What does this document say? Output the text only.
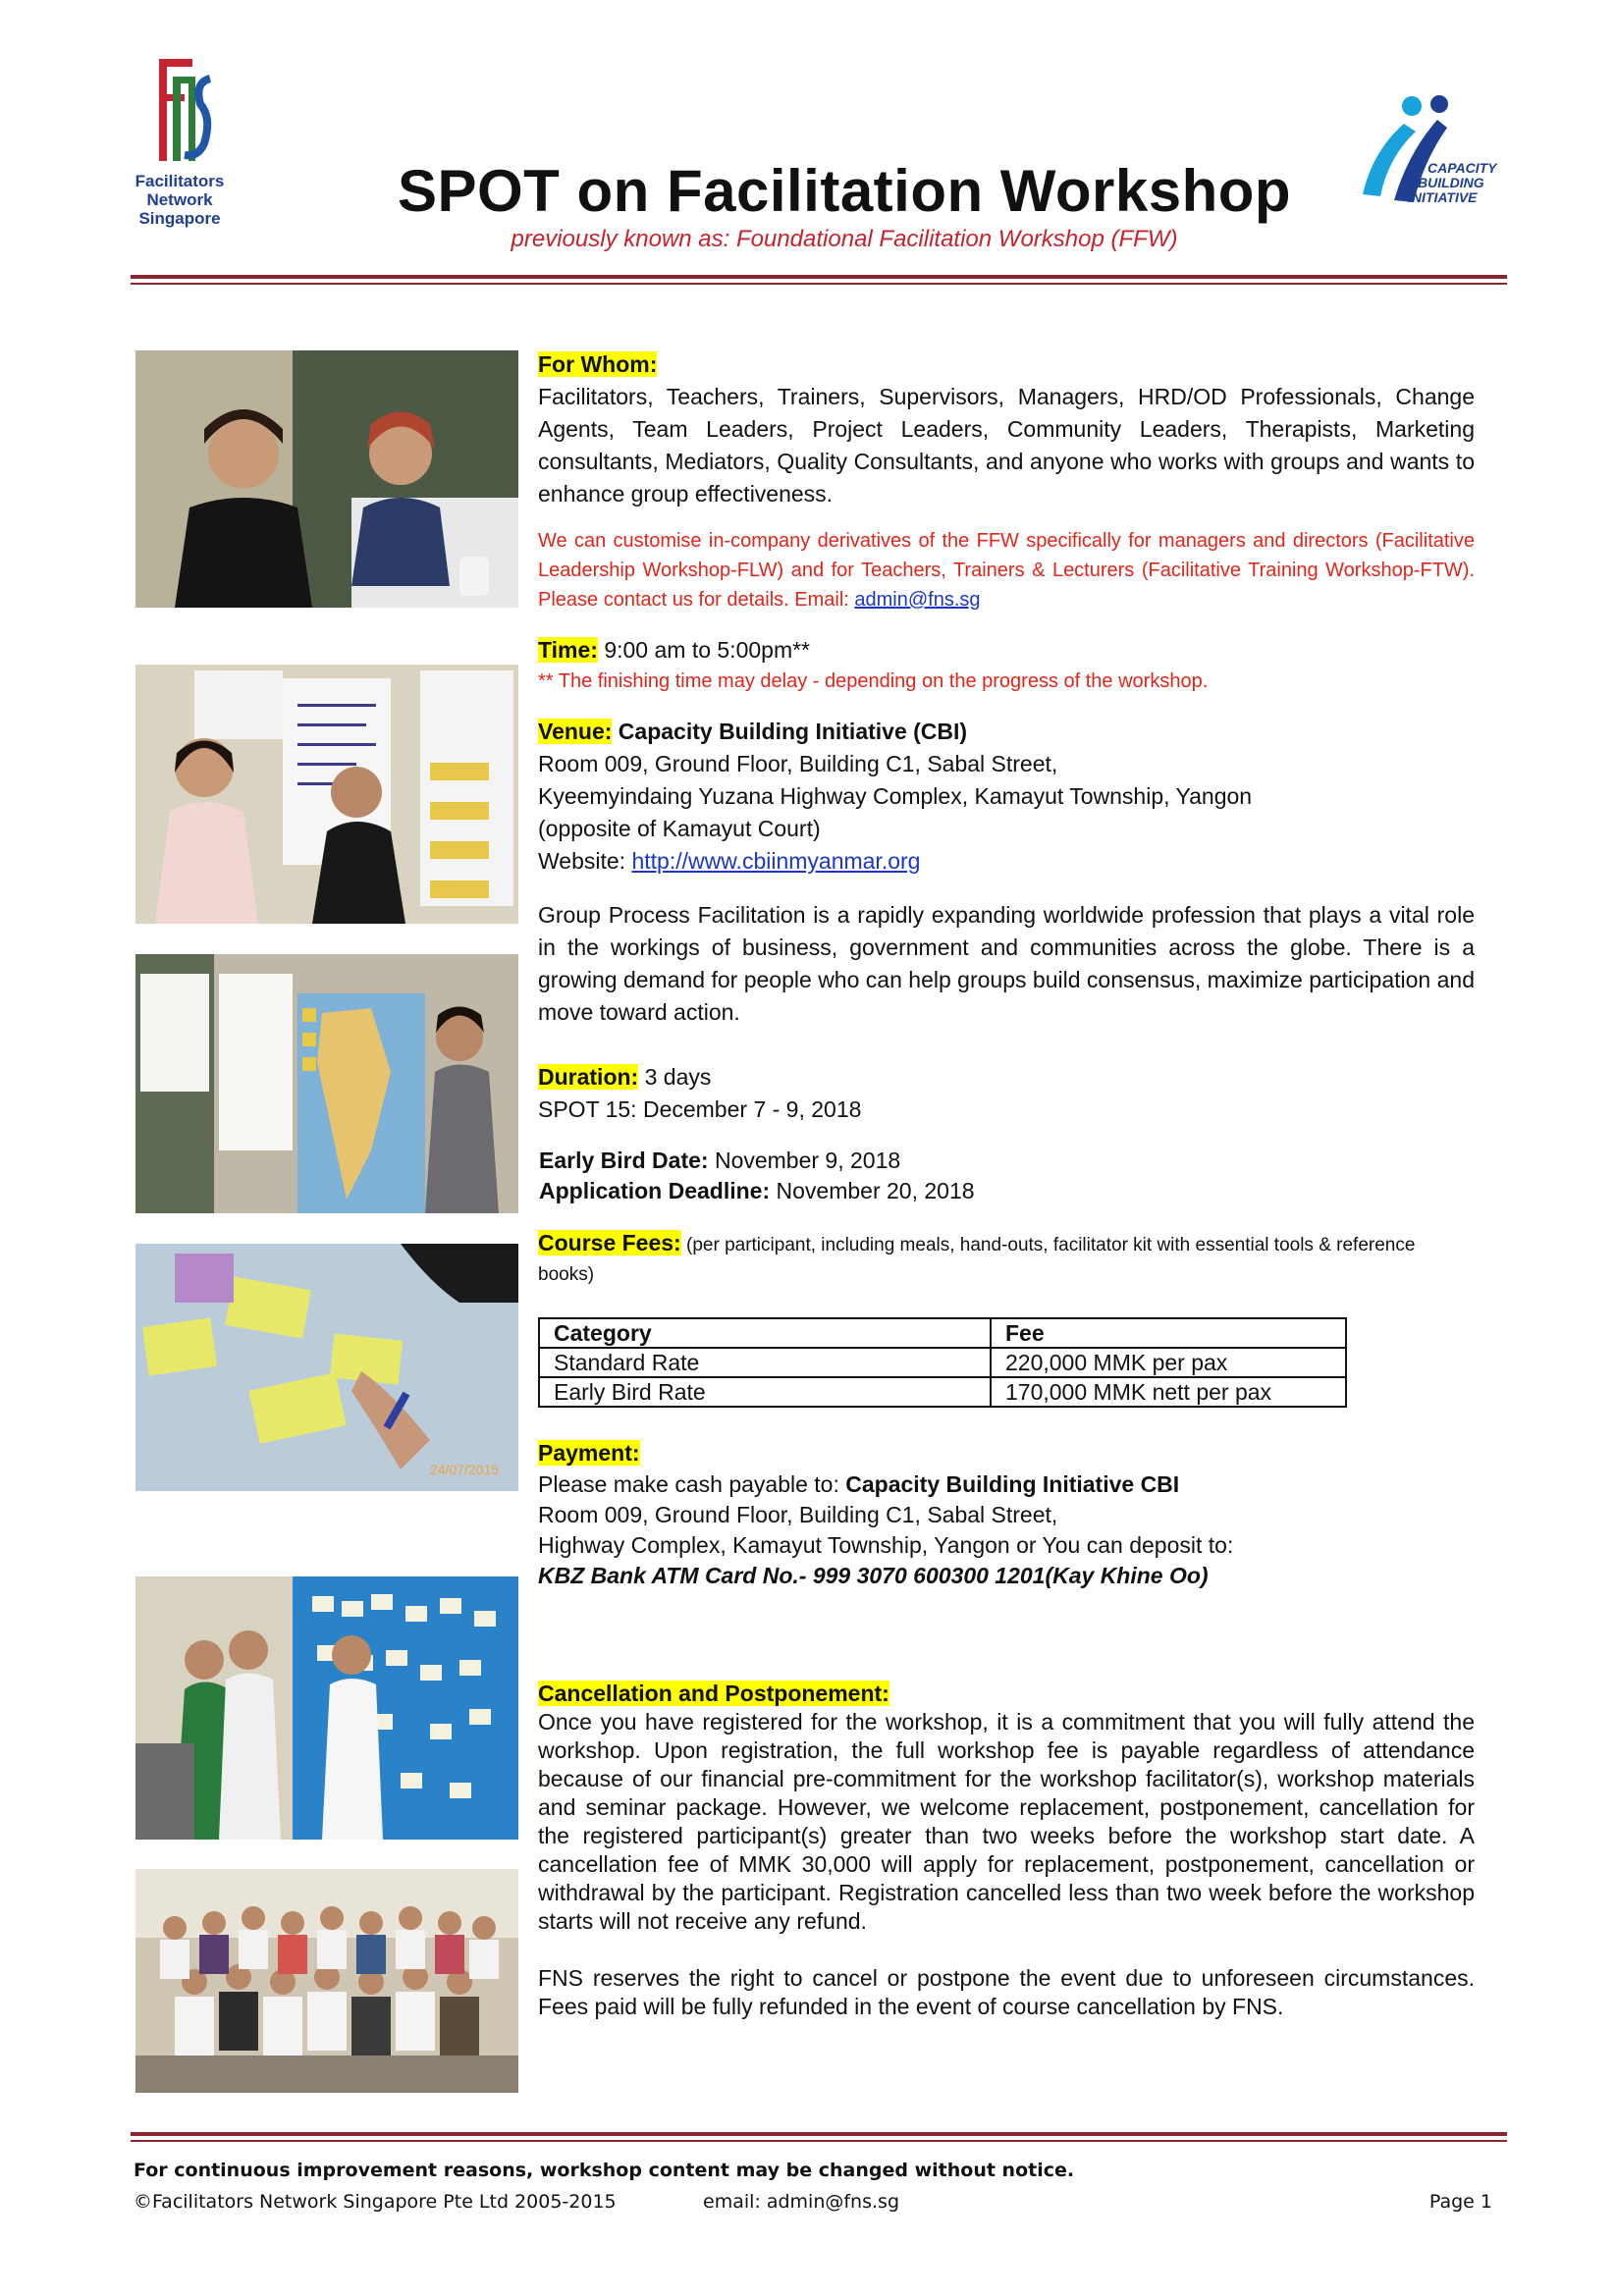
Facilitators
Network
Singapore	SPOT on Facilitation Workshop
previously known as: Foundational Facilitation Workshop (FFW)
CAPACITY
BUILDING
INITIATIVE
24/07/2015
For Whom:
Facilitators, Teachers, Trainers, Supervisors, Managers, HRD/OD Professionals, Change Agents, Team Leaders, Project Leaders, Community Leaders, Therapists, Marketing consultants, Mediators, Quality Consultants, and anyone who works with groups and wants to enhance group effectiveness.
We can customise in-company derivatives of the FFW specifically for managers and directors (Facilitative Leadership Workshop-FLW) and for Teachers, Trainers & Lecturers (Facilitative Training Workshop-FTW). Please contact us for details. Email: admin@fns.sg
Time: 9:00 am to 5:00pm**
** The finishing time may delay - depending on the progress of the workshop.
Venue: Capacity Building Initiative (CBI)
Room 009, Ground Floor, Building C1, Sabal Street,
Kyeemyindaing Yuzana Highway Complex, Kamayut Township, Yangon
(opposite of Kamayut Court)
Website: http://www.cbiinmyanmar.org
Group Process Facilitation is a rapidly expanding worldwide profession that plays a vital role in the workings of business, government and communities across the globe. There is a growing demand for people who can help groups build consensus, maximize participation and move toward action.
Duration: 3 days
SPOT 15: December 7 - 9, 2018
Early Bird Date: November 9, 2018
Application Deadline: November 20, 2018
Course Fees: (per participant, including meals, hand-outs, facilitator kit with essential tools & reference books)
Category	Fee
Standard Rate	220,000 MMK per pax
Early Bird Rate	170,000 MMK nett per pax
Payment:
Please make cash payable to: Capacity Building Initiative CBI
Room 009, Ground Floor, Building C1, Sabal Street,
Highway Complex, Kamayut Township, Yangon or You can deposit to:
KBZ Bank ATM Card No.- 999 3070 600300 1201(Kay Khine Oo)
Cancellation and Postponement:
Once you have registered for the workshop, it is a commitment that you will fully attend the workshop. Upon registration, the full workshop fee is payable regardless of attendance because of our financial pre-commitment for the workshop facilitator(s), workshop materials and seminar package. However, we welcome replacement, postponement, cancellation for the registered participant(s) greater than two weeks before the workshop start date. A cancellation fee of MMK 30,000 will apply for replacement, postponement, cancellation or withdrawal by the participant. Registration cancelled less than two week before the workshop starts will not receive any refund.
FNS reserves the right to cancel or postpone the event due to unforeseen circumstances. Fees paid will be fully refunded in the event of course cancellation by FNS.
For continuous improvement reasons, workshop content may be changed without notice.
©Facilitators Network Singapore Pte Ltd 2005-2015	email: admin@fns.sg	Page 1
